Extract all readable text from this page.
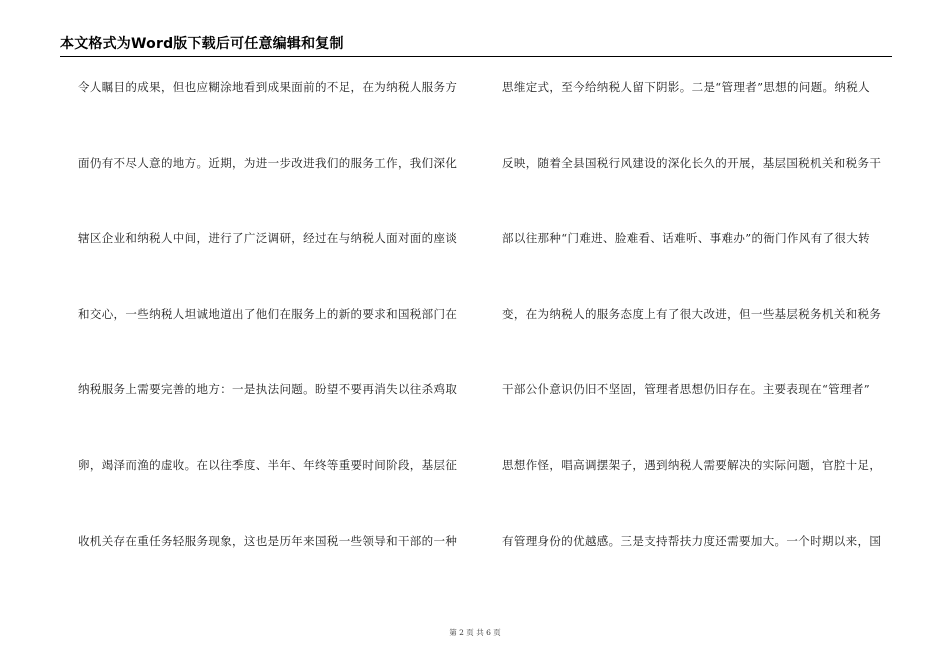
本文格式为Word版下载后可任意编辑和复制
令人瞩目的成果，但也应糊涂地看到成果面前的不足，在为纳税人服务方
面仍有不尽人意的地方。近期，为进一步改进我们的服务工作，我们深化
辖区企业和纳税人中间，进行了广泛调研，经过在与纳税人面对面的座谈
和交心，一些纳税人坦诚地道出了他们在服务上的新的要求和国税部门在
纳税服务上需要完善的地方：一是执法问题。盼望不要再消失以往杀鸡取
卵，竭泽而渔的虚收。在以往季度、半年、年终等重要时间阶段，基层征
收机关存在重任务轻服务现象，这也是历年来国税一些领导和干部的一种
思维定式，至今给纳税人留下阴影。二是“管理者”思想的问题。纳税人
反映，随着全县国税行风建设的深化长久的开展，基层国税机关和税务干
部以往那种“门难进、脸难看、话难听、事难办”的衙门作风有了很大转
变，在为纳税人的服务态度上有了很大改进，但一些基层税务机关和税务
干部公仆意识仍旧不坚固，管理者思想仍旧存在。主要表现在“管理者”
思想作怪，唱高调摆架子，遇到纳税人需要解决的实际问题，官腔十足，
有管理身份的优越感。三是支持帮扶力度还需要加大。一个时期以来，国
第 2 页 共 6 页
